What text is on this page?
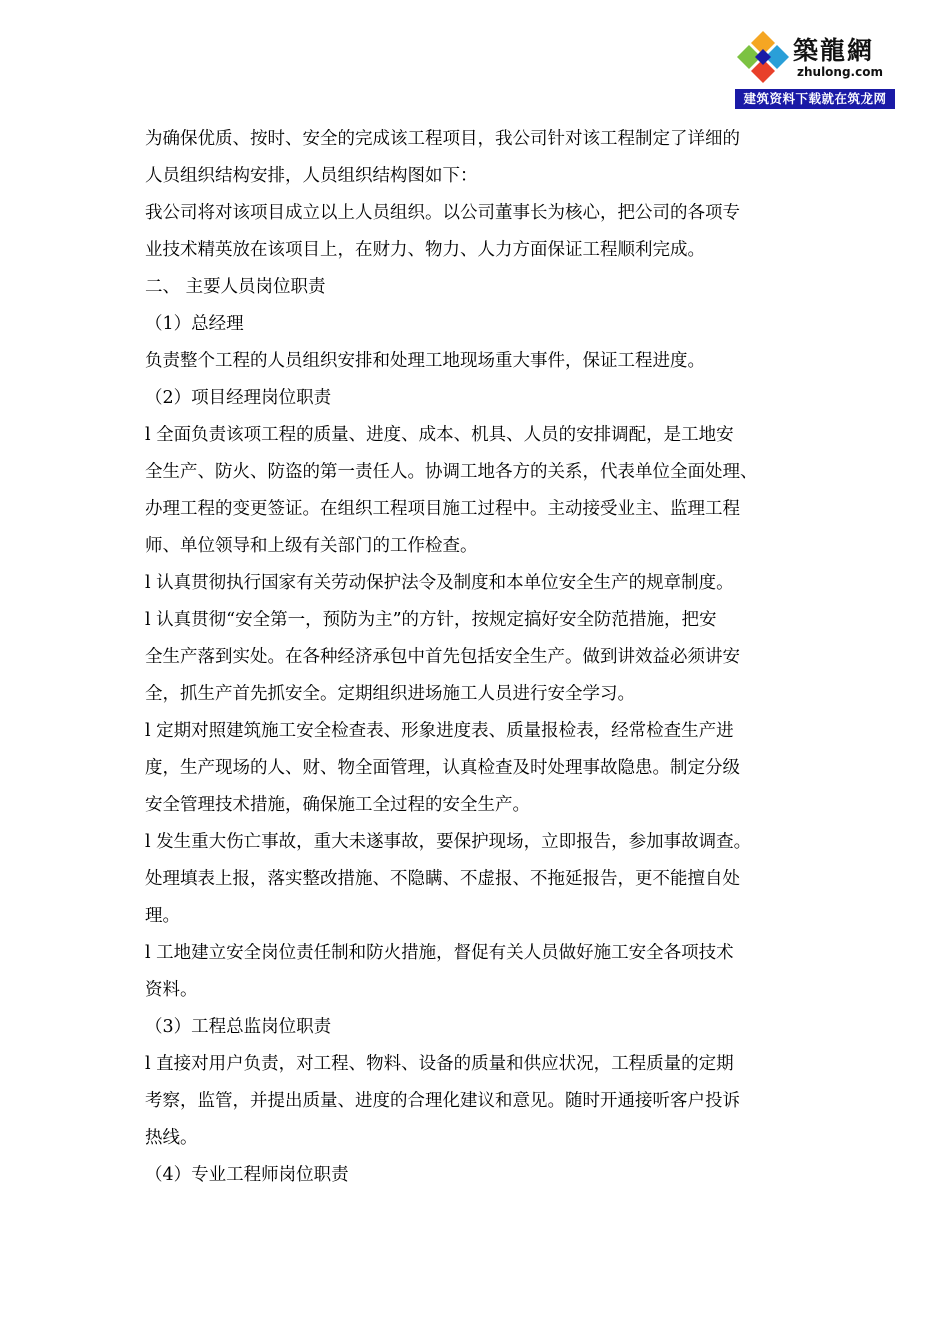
築龍網
zhulong.com
建筑资料下载就在筑龙网
为确保优质、按时、安全的完成该工程项目，我公司针对该工程制定了详细的
人员组织结构安排，人员组织结构图如下：
我公司将对该项目成立以上人员组织。以公司董事长为核心，把公司的各项专
业技术精英放在该项目上，在财力、物力、人力方面保证工程顺利完成。
二、 主要人员岗位职责
（1）总经理
负责整个工程的人员组织安排和处理工地现场重大事件，保证工程进度。
（2）项目经理岗位职责
l 全面负责该项工程的质量、进度、成本、机具、人员的安排调配，是工地安
全生产、防火、防盗的第一责任人。协调工地各方的关系，代表单位全面处理、
办理工程的变更签证。在组织工程项目施工过程中。主动接受业主、监理工程
师、单位领导和上级有关部门的工作检查。
l 认真贯彻执行国家有关劳动保护法令及制度和本单位安全生产的规章制度。
l 认真贯彻“安全第一，预防为主”的方针，按规定搞好安全防范措施，把安
全生产落到实处。在各种经济承包中首先包括安全生产。做到讲效益必须讲安
全，抓生产首先抓安全。定期组织进场施工人员进行安全学习。
l 定期对照建筑施工安全检查表、形象进度表、质量报检表，经常检查生产进
度，生产现场的人、财、物全面管理，认真检查及时处理事故隐患。制定分级
安全管理技术措施，确保施工全过程的安全生产。
l 发生重大伤亡事故，重大未遂事故，要保护现场，立即报告，参加事故调查。
处理填表上报，落实整改措施、不隐瞒、不虚报、不拖延报告，更不能擅自处
理。
l 工地建立安全岗位责任制和防火措施，督促有关人员做好施工安全各项技术
资料。
（3）工程总监岗位职责
l 直接对用户负责，对工程、物料、设备的质量和供应状况，工程质量的定期
考察，监管，并提出质量、进度的合理化建议和意见。随时开通接听客户投诉
热线。
（4）专业工程师岗位职责
